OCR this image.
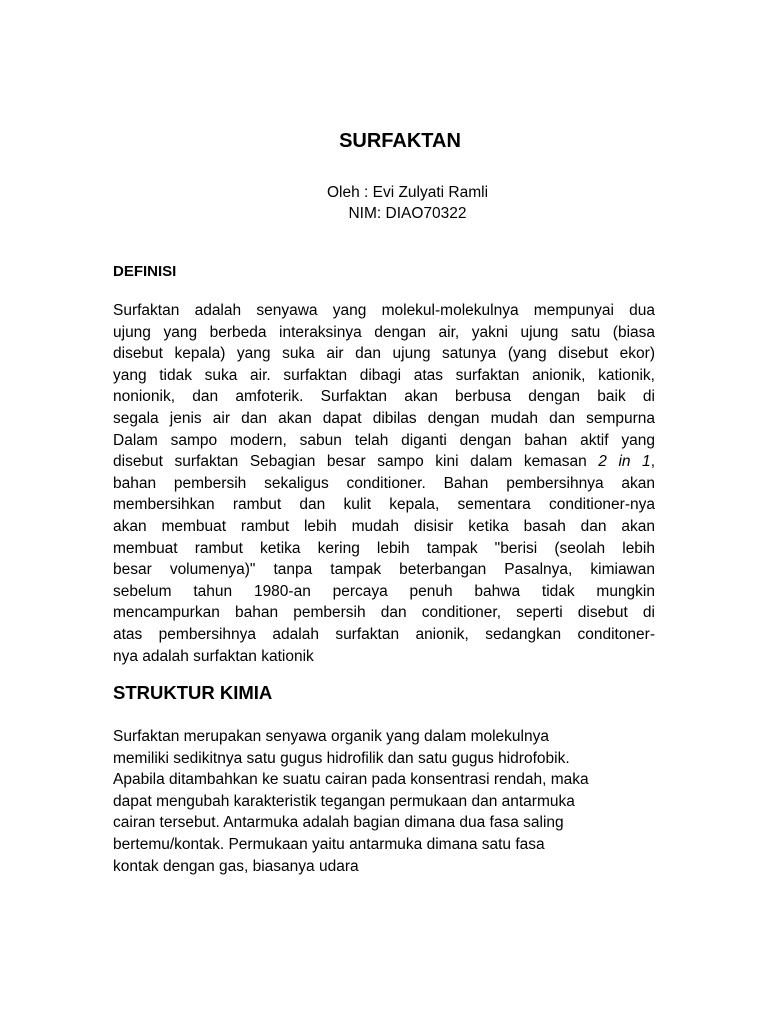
SURFAKTAN
Oleh : Evi Zulyati Ramli
NIM: DIAO70322
DEFINISI
Surfaktan adalah senyawa yang molekul-molekulnya mempunyai dua
ujung yang berbeda interaksinya dengan air, yakni ujung satu (biasa
disebut kepala) yang suka air dan ujung satunya (yang disebut ekor)
yang tidak suka air. surfaktan dibagi atas surfaktan anionik, kationik,
nonionik, dan amfoterik. Surfaktan akan berbusa dengan baik di
segala jenis air dan akan dapat dibilas dengan mudah dan sempurna
Dalam sampo modern, sabun telah diganti dengan bahan aktif yang
disebut surfaktan Sebagian besar sampo kini dalam kemasan 2 in 1,
bahan pembersih sekaligus conditioner. Bahan pembersihnya akan
membersihkan rambut dan kulit kepala, sementara conditioner-nya
akan membuat rambut lebih mudah disisir ketika basah dan akan
membuat rambut ketika kering lebih tampak "berisi (seolah lebih
besar volumenya)" tanpa tampak beterbangan Pasalnya, kimiawan
sebelum tahun 1980-an percaya penuh bahwa tidak mungkin
mencampurkan bahan pembersih dan conditioner, seperti disebut di
atas pembersihnya adalah surfaktan anionik, sedangkan conditoner-
nya adalah surfaktan kationik
STRUKTUR KIMIA
Surfaktan merupakan senyawa organik yang dalam molekulnya
memiliki sedikitnya satu gugus hidrofilik dan satu gugus hidrofobik.
Apabila ditambahkan ke suatu cairan pada konsentrasi rendah, maka
dapat mengubah karakteristik tegangan permukaan dan antarmuka
cairan tersebut. Antarmuka adalah bagian dimana dua fasa saling
bertemu/kontak. Permukaan yaitu antarmuka dimana satu fasa
kontak dengan gas, biasanya udara
